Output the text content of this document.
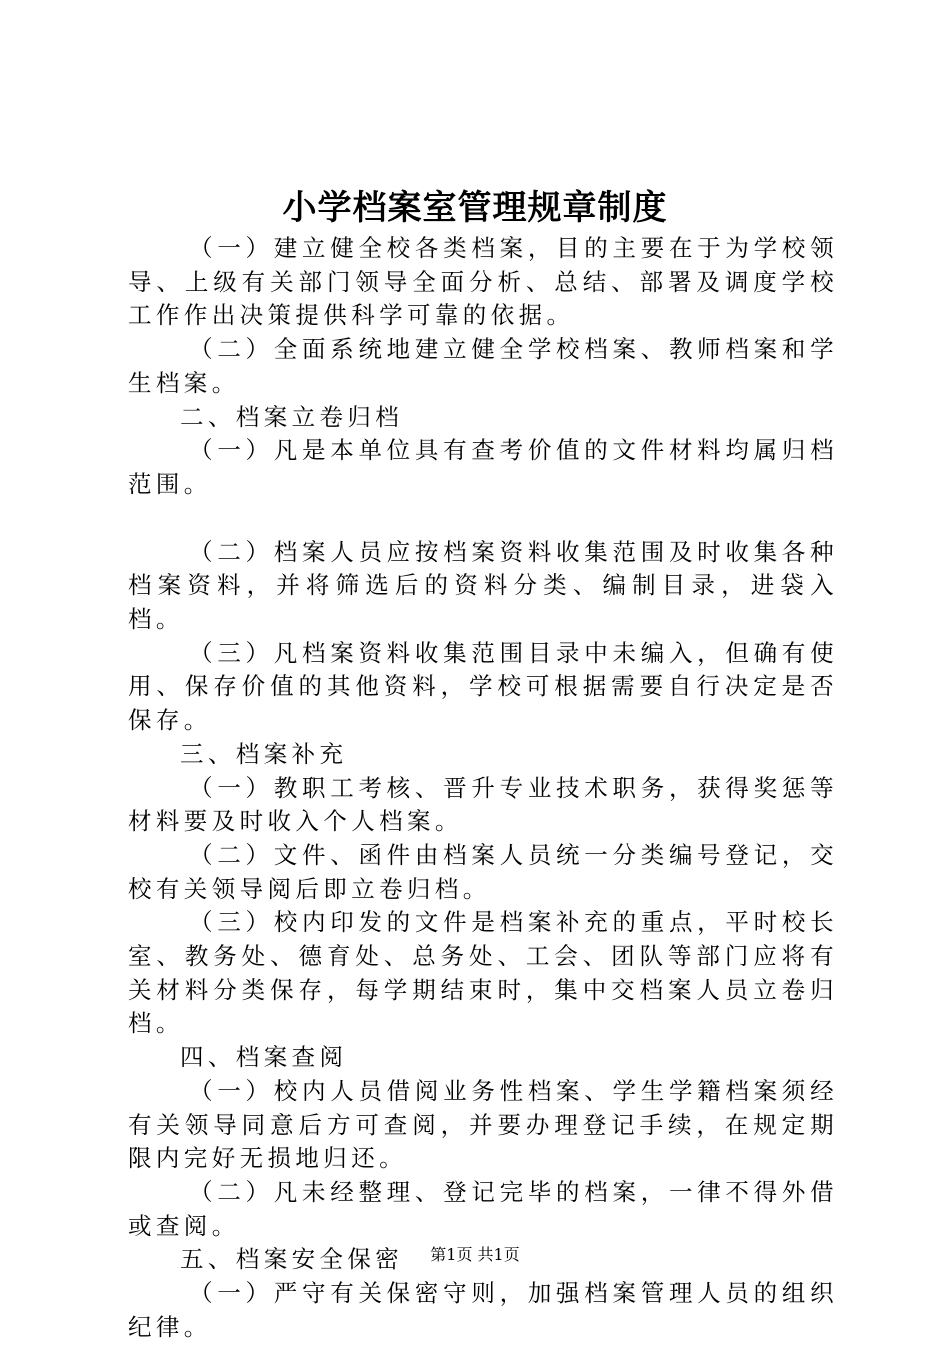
小学档案室管理规章制度

（一）建立健全校各类档案，目的主要在于为学校领导、上级有关部门领导全面分析、总结、部署及调度学校工作作出决策提供科学可靠的依据。

（二）全面系统地建立健全学校档案、教师档案和学生档案。

二、档案立卷归档

（一）凡是本单位具有查考价值的文件材料均属归档范围。

（二）档案人员应按档案资料收集范围及时收集各种档案资料，并将筛选后的资料分类、编制目录，进袋入档。

（三）凡档案资料收集范围目录中未编入，但确有使用、保存价值的其他资料，学校可根据需要自行决定是否保存。

三、档案补充

（一）教职工考核、晋升专业技术职务，获得奖惩等材料要及时收入个人档案。

（二）文件、函件由档案人员统一分类编号登记，交校有关领导阅后即立卷归档。

（三）校内印发的文件是档案补充的重点，平时校长室、教务处、德育处、总务处、工会、团队等部门应将有关材料分类保存，每学期结束时，集中交档案人员立卷归档。

四、档案查阅

（一）校内人员借阅业务性档案、学生学籍档案须经有关领导同意后方可查阅，并要办理登记手续，在规定期限内完好无损地归还。

（二）凡未经整理、登记完毕的档案，一律不得外借或查阅。

五、档案安全保密

（一）严守有关保密守则，加强档案管理人员的组织纪律。

第1页 共1页
